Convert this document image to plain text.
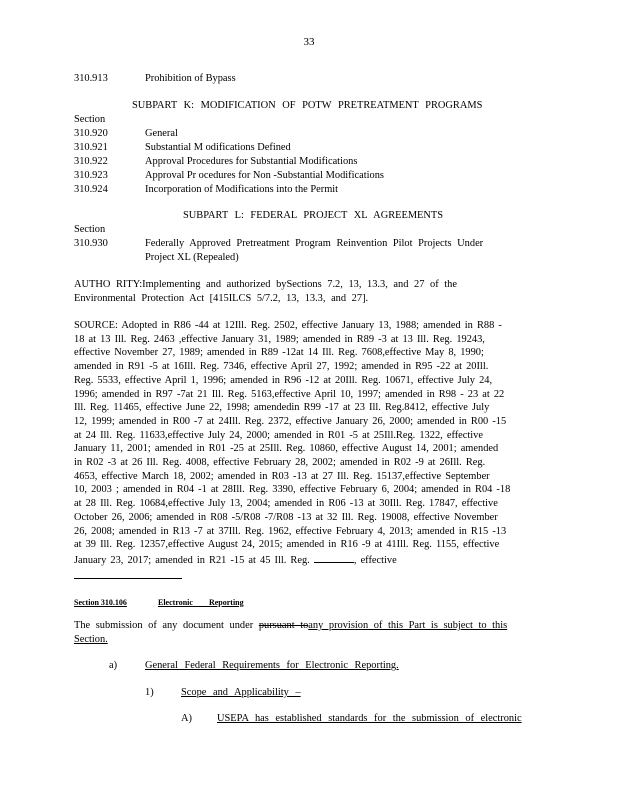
33
310.913	Prohibition of Bypass
SUBPART K: MODIFICATION OF POTW PRETREATMENT PROGRAMS
Section
310.920	General
310.921	Substantial M odifications Defined
310.922	Approval Procedures for Substantial Modifications
310.923	Approval Pr ocedures for Non -Substantial Modifications
310.924	Incorporation of Modifications into the Permit
SUBPART L: FEDERAL PROJECT XL AGREEMENTS
Section
310.930	Federally Approved Pretreatment Program Reinvention Pilot Projects Under
Project XL (Repealed)
AUTHO RITY:Implementing and authorized bySections 7.2, 13, 13.3, and 27 of the
Environmental Protection Act [415ILCS 5/7.2, 13, 13.3, and 27].
SOURCE: Adopted in R86 -44 at 12Ill. Reg. 2502, effective January 13, 1988; amended in R88 -
18 at 13 Ill. Reg. 2463 ,effective January 31, 1989; amended in R89 -3 at 13 Ill. Reg. 19243,
effective November 27, 1989; amended in R89 -12at 14 Ill. Reg. 7608,effective May 8, 1990;
amended in R91 -5 at 16Ill. Reg. 7346, effective April 27, 1992; amended in R95 -22 at 20Ill.
Reg. 5533, effective April 1, 1996; amended in R96 -12 at 20Ill. Reg. 10671, effective July 24,
1996; amended in R97 -7at 21 Ill. Reg. 5163,effective April 10, 1997; amended in R98 - 23 at 22
Ill. Reg. 11465, effective June 22, 1998; amendedin R99 -17 at 23 Ill. Reg.8412, effective July
12, 1999; amended in R00 -7 at 24Ill. Reg. 2372, effective January 26, 2000; amended in R00 -15
at 24 Ill. Reg. 11633,effective July 24, 2000; amended in R01 -5 at 25Ill.Reg. 1322, effective
January 11, 2001; amended in R01 -25 at 25Ill. Reg. 10860, effective August 14, 2001; amended
in R02 -3 at 26 Ill. Reg. 4008, effective February 28, 2002; amended in R02 -9 at 26Ill. Reg.
4653, effective March 18, 2002; amended in R03 -13 at 27 Ill. Reg. 15137,effective September
10, 2003 ; amended in R04 -1 at 28Ill. Reg. 3390, effective February 6, 2004; amended in R04 -18
at 28 Ill. Reg. 10684,effective July 13, 2004; amended in R06 -13 at 30Ill. Reg. 17847, effective
October 26, 2006; amended in R08 -5/R08 -7/R08 -13 at 32 Ill. Reg. 19008, effective November
26, 2008; amended in R13 -7 at 37Ill. Reg. 1962, effective February 4, 2013; amended in R15 -13
at 39 Ill. Reg. 12357,effective August 24, 2015; amended in R16 -9 at 41Ill. Reg. 1155, effective
January 23, 2017; amended in R21 -15 at 45 Ill. Reg.	, effective
Section 310.106	Electronic Reporting
The submission of any document under pursuant toany provision of this Part is subject to this
Section.
a)	General Federal Requirements for Electronic Reporting.
1)	Scope and Applicability –
A) USEPA has established standards for the submission of electronic
